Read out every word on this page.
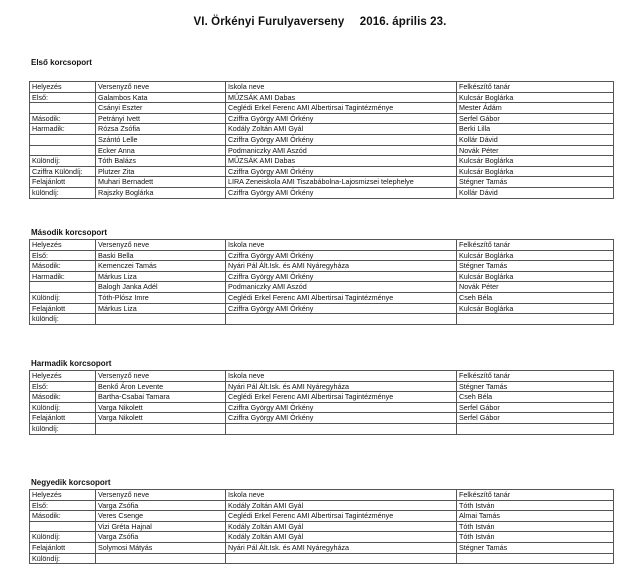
VI. Örkényi Furulyaverseny 2016. április 23.
Első korcsoport
Helyezés	Versenyző neve	Iskola neve	Felkészítő tanár
Első:	Galambos Kata	MŰZSÁK AMI Dabas	Kulcsár Boglárka
	Csányi Eszter	Ceglédi Erkel Ferenc AMI Albertirsai Tagintézménye	Mester Ádám
Második:	Petrányi Ivett	Cziffra György AMI Örkény	Serfel Gábor
Harmadik:	Rózsa Zsófia	Kodály Zoltán AMI Gyál	Berki Lilla
	Szántó Lelle	Cziffra György AMI Örkény	Kollár Dávid
	Ecker Anna	Podmaniczky AMI Aszód	Novák Péter
Különdíj:	Tóth Balázs	MŰZSÁK AMI Dabas	Kulcsár Boglárka
Cziffra Különdíj:	Plutzer Zita	Cziffra György AMI Örkény	Kulcsár Boglárka
Felajánlott	Muhari Bernadett	LIRA Zeneiskola AMI Tiszabábolna-Lajosmizsei telephelye	Stégner Tamás
különdíj:	Rajszky Boglárka	Cziffra György AMI Örkény	Kollár Dávid
Második korcsoport
Helyezés	Versenyző neve	Iskola neve	Felkészítő tanár
Első:	Baski Bella	Cziffra György AMI Örkény	Kulcsár Boglárka
Második:	Kemenczei Tamás	Nyári Pál Ált.Isk. és AMI Nyáregyháza	Stégner Tamás
Harmadik:	Márkus Liza	Cziffra György AMI Örkény	Kulcsár Boglárka
	Balogh Janka Adél	Podmaniczky AMI Aszód	Novák Péter
Különdíj:	Tóth-Plósz Imre	Ceglédi Erkel Ferenc AMI Albertirsai Tagintézménye	Cseh Béla
Felajánlott	Márkus Liza	Cziffra György AMI Örkény	Kulcsár Boglárka
különdíj:			
Harmadik korcsoport
Helyezés	Versenyző neve	Iskola neve	Felkészítő tanár
Első:	Benkő Áron Levente	Nyári Pál Ált.Isk. és AMI Nyáregyháza	Stégner Tamás
Második:	Bartha-Csabai Tamara	Ceglédi Erkel Ferenc AMI Albertirsai Tagintézménye	Cseh Béla
Különdíj:	Varga Nikolett	Cziffra György AMI Örkény	Serfel Gábor
Felajánlott	Varga Nikolett	Cziffra György AMI Örkény	Serfel Gábor
különdíj:			
Negyedik korcsoport
Helyezés	Versenyző neve	Iskola neve	Felkészítő tanár
Első:	Varga Zsófia	Kodály Zoltán AMI Gyál	Tóth István
Második:	Veres Csenge	Ceglédi Erkel Ferenc AMI Albertirsai Tagintézménye	Almai Tamás
	Vizi Gréta Hajnal	Kodály Zoltán AMI Gyál	Tóth István
Különdíj:	Varga Zsófia	Kodály Zoltán AMI Gyál	Tóth István
Felajánlott	Solymosi Mátyás	Nyári Pál Ált.Isk. és AMI Nyáregyháza	Stégner Tamás
Különdíj:			
